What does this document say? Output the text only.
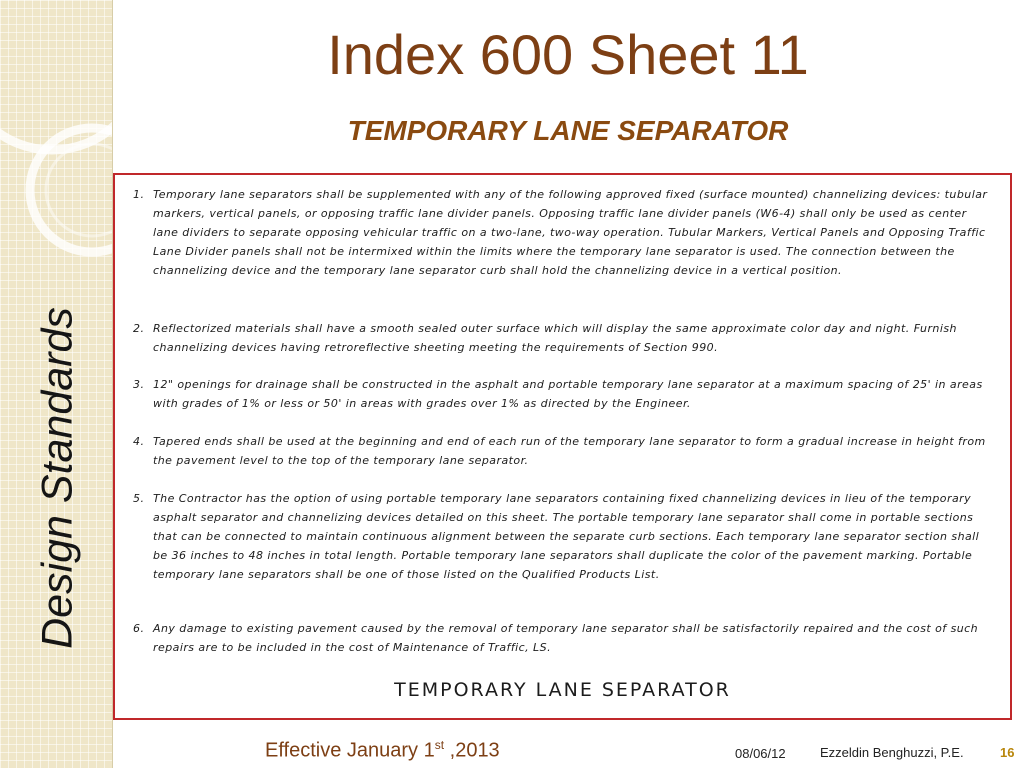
Design Standards
Index 600 Sheet 11
TEMPORARY LANE SEPARATOR
1. Temporary lane separators shall be supplemented with any of the following approved fixed (surface mounted) channelizing devices: tubular markers, vertical panels, or opposing traffic lane divider panels. Opposing traffic lane divider panels (W6-4) shall only be used as center lane dividers to separate opposing vehicular traffic on a two-lane, two-way operation. Tubular Markers, Vertical Panels and Opposing Traffic Lane Divider panels shall not be intermixed within the limits where the temporary lane separator is used. The connection between the channelizing device and the temporary lane separator curb shall hold the channelizing device in a vertical position.
2. Reflectorized materials shall have a smooth sealed outer surface which will display the same approximate color day and night. Furnish channelizing devices having retroreflective sheeting meeting the requirements of Section 990.
3. 12" openings for drainage shall be constructed in the asphalt and portable temporary lane separator at a maximum spacing of 25' in areas with grades of 1% or less or 50' in areas with grades over 1% as directed by the Engineer.
4. Tapered ends shall be used at the beginning and end of each run of the temporary lane separator to form a gradual increase in height from the pavement level to the top of the temporary lane separator.
5. The Contractor has the option of using portable temporary lane separators containing fixed channelizing devices in lieu of the temporary asphalt separator and channelizing devices detailed on this sheet. The portable temporary lane separator shall come in portable sections that can be connected to maintain continuous alignment between the separate curb sections. Each temporary lane separator section shall be 36 inches to 48 inches in total length. Portable temporary lane separators shall duplicate the color of the pavement marking. Portable temporary lane separators shall be one of those listed on the Qualified Products List.
6. Any damage to existing pavement caused by the removal of temporary lane separator shall be satisfactorily repaired and the cost of such repairs are to be included in the cost of Maintenance of Traffic, LS.
TEMPORARY LANE SEPARATOR
Effective January 1st ,2013	08/06/12	Ezzeldin Benghuzzi, P.E.	16
